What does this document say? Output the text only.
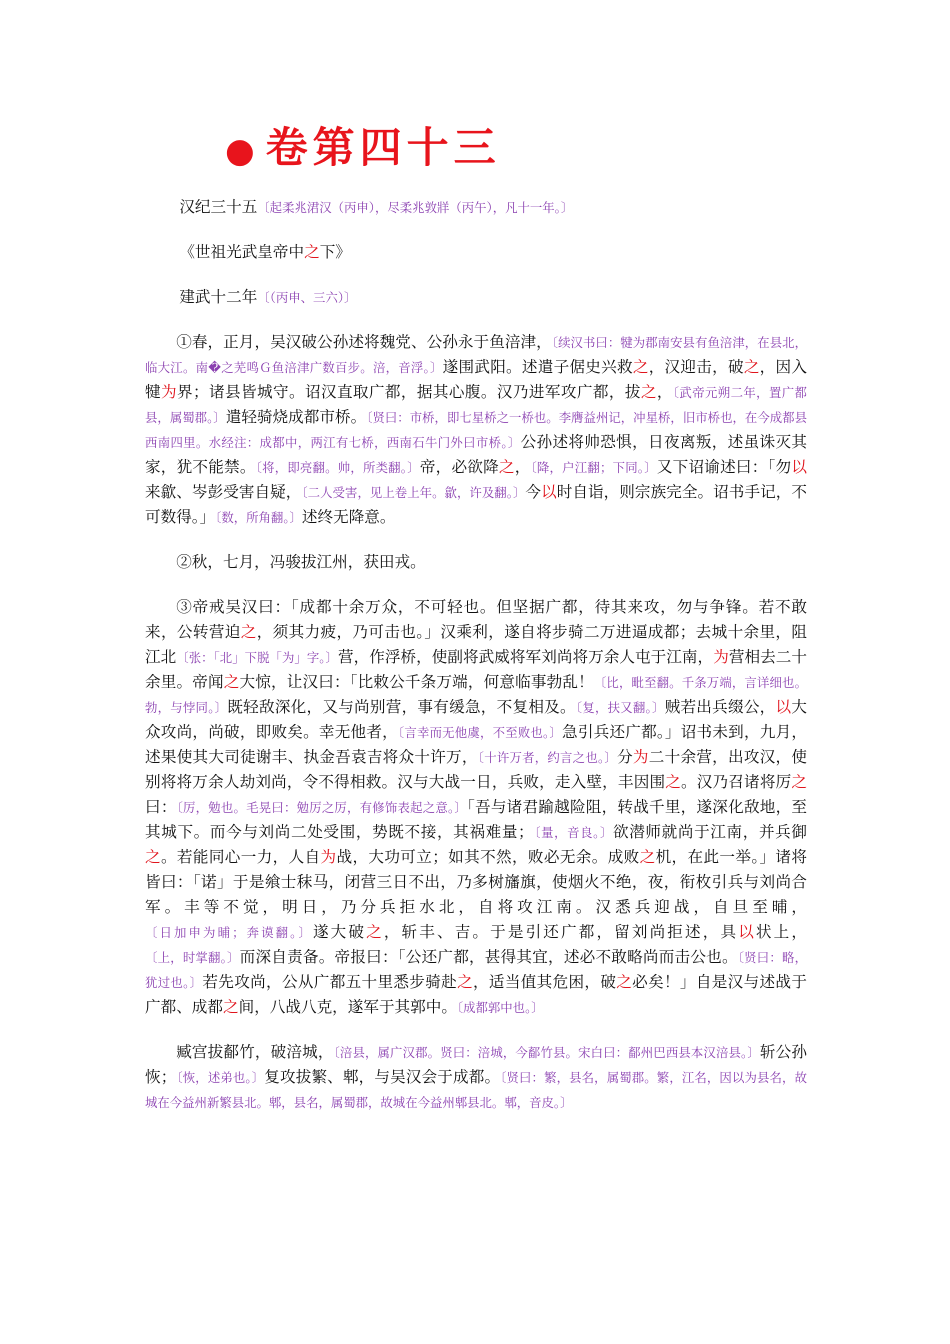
● 卷第四十三

汉纪三十五〔起柔兆涒汉（丙申），尽柔兆敦牂（丙午），凡十一年。〕

《世祖光武皇帝中之下》

建武十二年〔（丙申、三六）〕

①春，正月，吴汉破公孙述将魏党、公孙永于鱼涪津，〔续汉书曰：犍为郡南安县有鱼涪津，在县北，临大江。南�之芜鸣Ｇ鱼涪津广数百步。涪，音浮。〕遂围武阳。述遣子倨史兴救之，汉迎击，破之，因入犍为界；诸县皆城守。诏汉直取广都，据其心腹。汉乃进军攻广都，拔之，〔武帝元朔二年，置广都县，属蜀郡。〕遣轻骑烧成都市桥。〔贤曰：市桥，即七星桥之一桥也。李膺益州记，冲星桥，旧市桥也，在今成都县西南四里。水经注：成都中，两江有七桥，西南石牛门外曰市桥。〕公孙述将帅恐惧，日夜离叛，述虽诛灭其家，犹不能禁。〔将，即亮翻。帅，所类翻。〕帝，必欲降之，〔降，户江翻；下同。〕又下诏谕述曰：「勿以来歙、岑彭受害自疑，〔二人受害，见上卷上年。歙，许及翻。〕今以时自诣，则宗族完全。诏书手记，不可数得。」〔数，所角翻。〕述终无降意。

②秋，七月，冯骏拔江州，获田戎。

③帝戒吴汉曰：「成都十余万众，不可轻也。但坚据广都，待其来攻，勿与争锋。若不敢来，公转营迫之，须其力疲，乃可击也。」汉乘利，遂自将步骑二万进逼成都；去城十余里，阻江北〔张：「北」下脱「为」字。〕营，作浮桥，使副将武威将军刘尚将万余人屯于江南，为营相去二十余里。帝闻之大惊，让汉曰：「比敕公千条万端，何意临事勃乱！〔比，毗至翻。千条万端，言详细也。勃，与悖同。〕既轻敌深化，又与尚别营，事有缓急，不复相及。〔复，扶又翻。〕贼若出兵缀公，以大众攻尚，尚破，即败矣。幸无他者，〔言幸而无他虞，不至败也。〕急引兵还广都。」诏书未到，九月，述果使其大司徒谢丰、执金吾袁吉将众十许万，〔十许万者，约言之也。〕分为二十余营，出攻汉，使别将将万余人劫刘尚，令不得相救。汉与大战一日，兵败，走入壁，丰因围之。汉乃召诸将厉之曰：〔厉，勉也。毛晃曰：勉厉之厉，有修饰表起之意。〕「吾与诸君踰越险阻，转战千里，遂深化敌地，至其城下。而今与刘尚二处受围，势既不接，其祸难量；〔量，音良。〕欲潜师就尚于江南，并兵御之。若能同心一力，人自为战，大功可立；如其不然，败必无余。成败之机，在此一举。」诸将皆曰：「诺」于是飨士秣马，闭营三日不出，乃多树旛旗，使烟火不绝，夜，衔枚引兵与刘尚合军。丰等不觉，明日，乃分兵拒水北，自将攻江南。汉悉兵迎战，自旦至晡，〔日加申为晡；奔谟翻。〕遂大破之，斩丰、吉。于是引还广都，留刘尚拒述，具以状上，〔上，时掌翻。〕而深自责备。帝报曰：「公还广都，甚得其宜，述必不敢略尚而击公也。〔贤曰：略，犹过也。〕若先攻尚，公从广都五十里悉步骑赴之，适当值其危困，破之必矣！」自是汉与述战于广都、成都之间，八战八克，遂军于其郭中。〔成都郭中也。〕

臧宫拔鄐竹，破涪城，〔涪县，属广汉郡。贤曰：涪城，今鄐竹县。宋白曰：鄐州巴西县本汉涪县。〕斩公孙恢；〔恢，述弟也。〕复攻拔繁、郫，与吴汉会于成都。〔贤曰：繁，县名，属蜀郡。繁，江名，因以为县名，故城在今益州新繁县北。郫，县名，属蜀郡，故城在今益州郫县北。郫，音皮。〕
